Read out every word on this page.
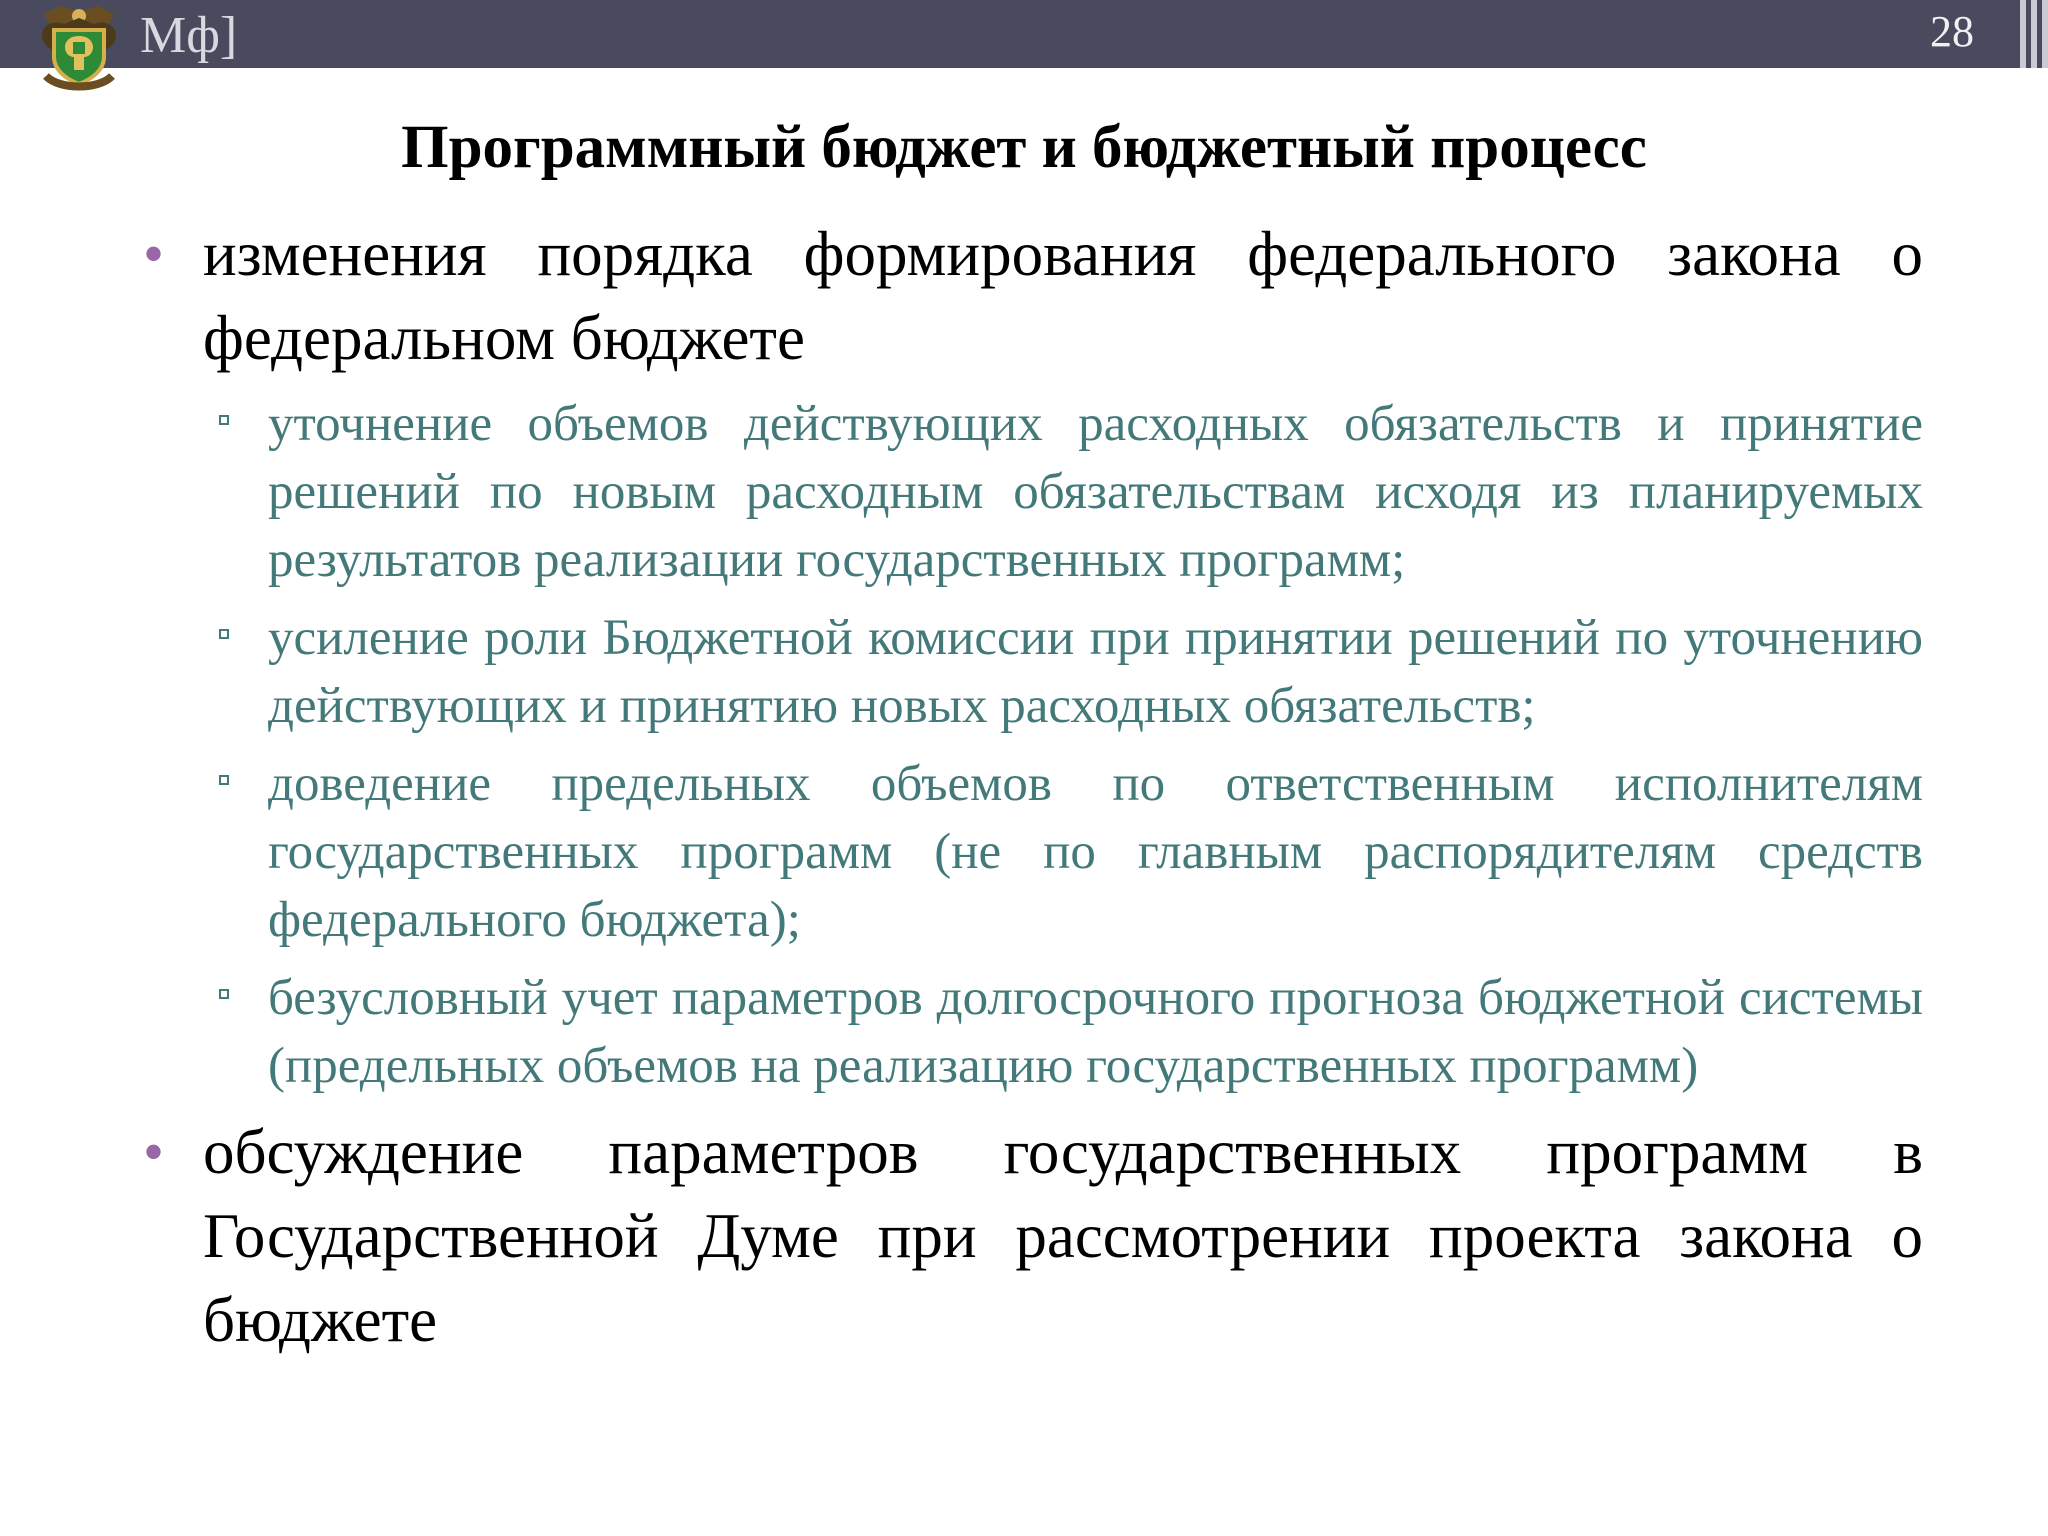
Мф]	28
Программный бюджет и бюджетный процесс
• изменения порядка формирования федерального закона о федеральном бюджете
уточнение объемов действующих расходных обязательств и принятие решений по новым расходным обязательствам исходя из планируемых результатов реализации государственных программ;
усиление роли Бюджетной комиссии при принятии решений по уточнению действующих и принятию новых расходных обязательств;
доведение предельных объемов по ответственным исполнителям государственных программ (не по главным распорядителям средств федерального бюджета);
безусловный учет параметров долгосрочного прогноза бюджетной системы (предельных объемов на реализацию государственных программ)
• обсуждение параметров государственных программ в Государственной Думе при рассмотрении проекта закона о бюджете
